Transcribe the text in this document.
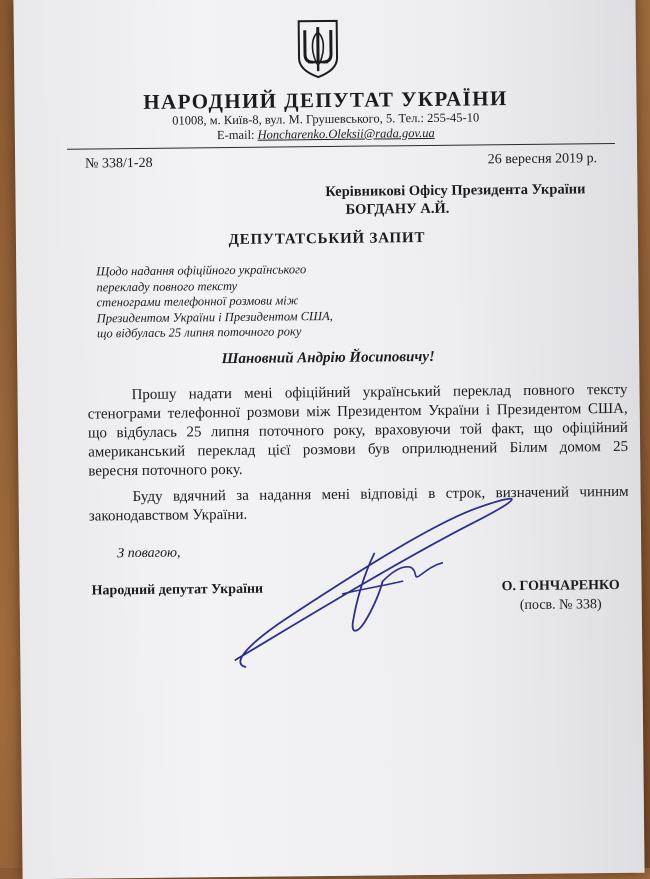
НАРОДНИЙ ДЕПУТАТ УКРАЇНИ
01008, м. Київ-8, вул. М. Грушевського, 5. Тел.: 255-45-10
E-mail: Honcharenko.Oleksii@rada.gov.ua
№ 338/1-28	26 вересня 2019 р.
Керівникові Офісу Президента України
БОГДАНУ А.Й.
ДЕПУТАТСЬКИЙ ЗАПИТ
Щодо надання офіційного українського
перекладу повного тексту
стенограми телефонної розмови між
Президентом України і Президентом США,
що відбулась 25 липня поточного року
Шановний Андрію Йосиповичу!
Прошу надати мені офіційний український переклад повного тексту
стенограми телефонної розмови між Президентом України і Президентом США,
що відбулась 25 липня поточного року, враховуючи той факт, що офіційний
американський переклад цієї розмови був оприлюднений Білим домом 25
вересня поточного року.
Буду вдячний за надання мені відповіді в строк, визначений чинним
законодавством України.
З повагою,
Народний депутат України	О. ГОНЧАРЕНКО
(посв. № 338)
